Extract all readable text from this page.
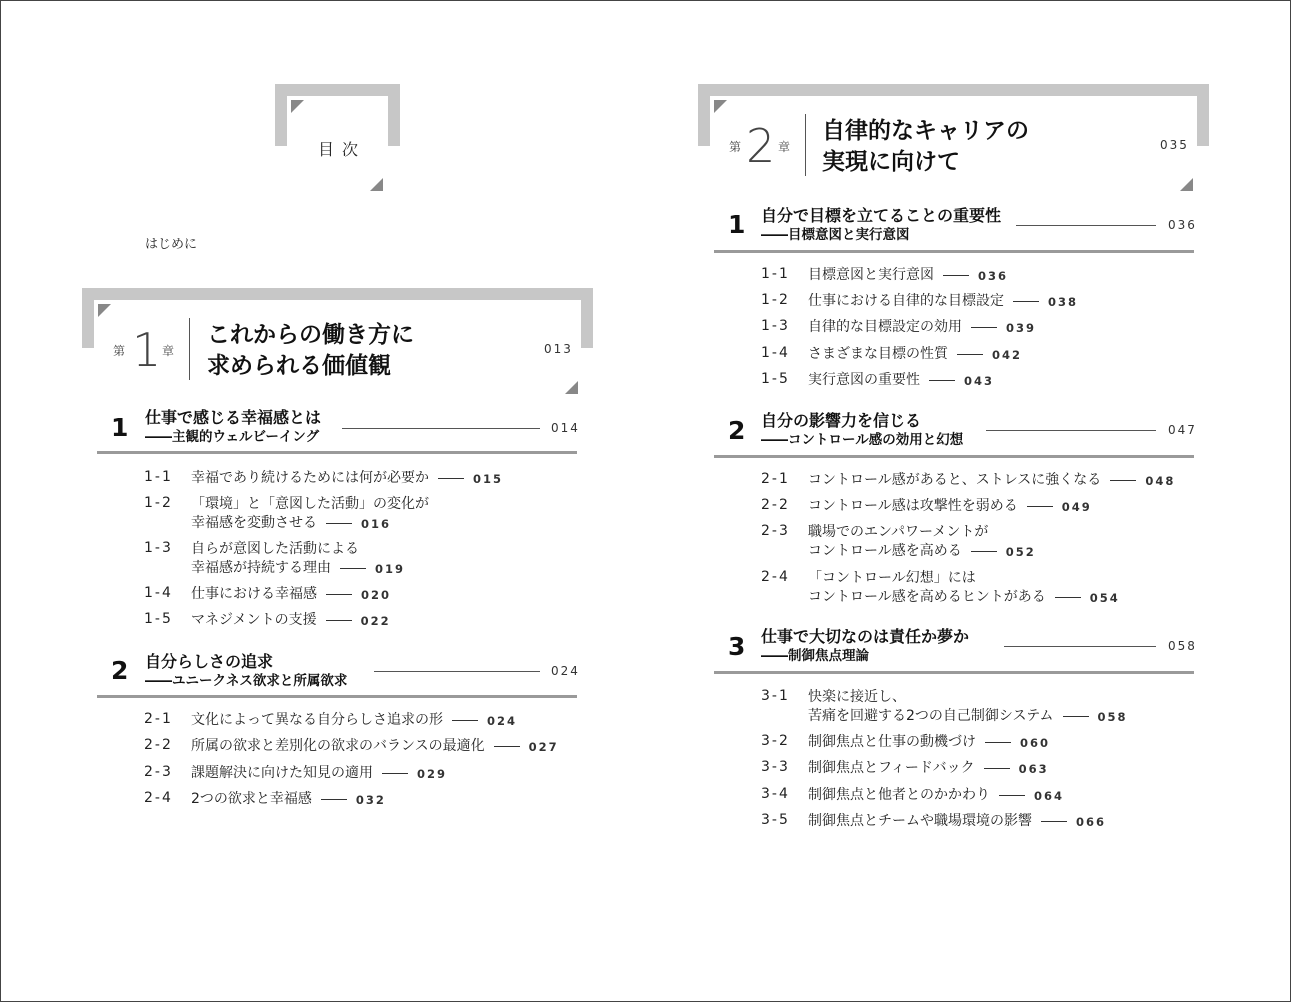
目次
はじめに
第 1 章
これからの働き方に
求められる価値観
013
1 仕事で感じる幸福感とは
――主観的ウェルビーイング
014
1-1 幸福であり続けるためには何が必要か	015
1-2 「環境」と「意図した活動」の変化が
幸福感を変動させる	016
1-3 自らが意図した活動による
幸福感が持続する理由	019
1-4 仕事における幸福感	020
1-5 マネジメントの支援	022
2 自分らしさの追求
――ユニークネス欲求と所属欲求
024
2-1 文化によって異なる自分らしさ追求の形	024
2-2 所属の欲求と差別化の欲求のバランスの最適化	027
2-3 課題解決に向けた知見の適用	029
2-4 2つの欲求と幸福感	032
第 2 章
自律的なキャリアの
実現に向けて
035
1 自分で目標を立てることの重要性
――目標意図と実行意図
036
1-1 目標意図と実行意図	036
1-2 仕事における自律的な目標設定	038
1-3 自律的な目標設定の効用	039
1-4 さまざまな目標の性質	042
1-5 実行意図の重要性	043
2 自分の影響力を信じる
――コントロール感の効用と幻想
047
2-1 コントロール感があると、ストレスに強くなる	048
2-2 コントロール感は攻撃性を弱める	049
2-3 職場でのエンパワーメントが
コントロール感を高める	052
2-4 「コントロール幻想」には
コントロール感を高めるヒントがある	054
3 仕事で大切なのは責任か夢か
――制御焦点理論
058
3-1 快楽に接近し、
苦痛を回避する2つの自己制御システム	058
3-2 制御焦点と仕事の動機づけ	060
3-3 制御焦点とフィードバック	063
3-4 制御焦点と他者とのかかわり	064
3-5 制御焦点とチームや職場環境の影響	066
